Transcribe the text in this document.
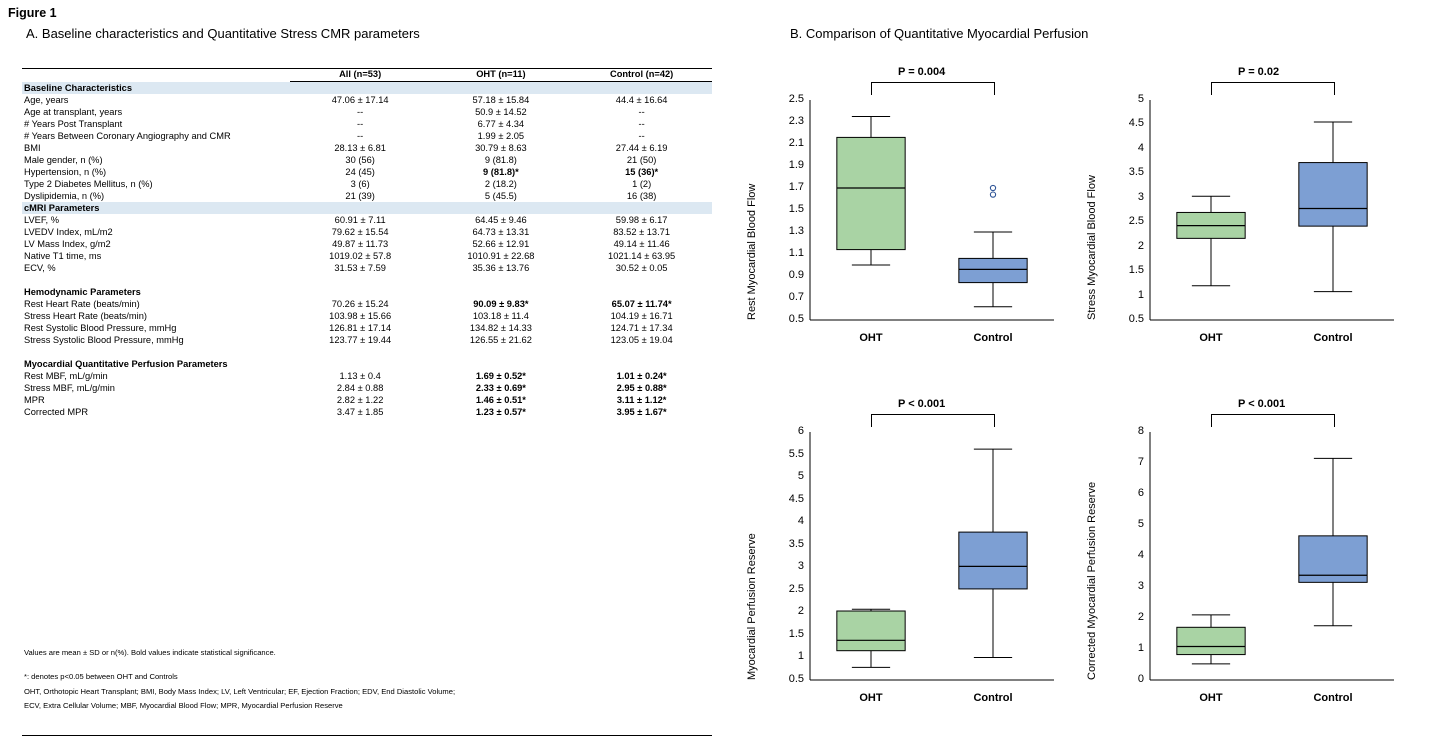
Figure 1
A. Baseline characteristics and Quantitative Stress CMR parameters	B. Comparison of Quantitative Myocardial Perfusion
	All (n=53)	OHT (n=11)	Control (n=42)
Baseline Characteristics			
Age, years	47.06 ± 17.14	57.18 ± 15.84	44.4 ± 16.64
Age at transplant, years	--	50.9 ± 14.52	--
# Years Post Transplant	--	6.77 ± 4.34	--
# Years Between Coronary Angiography and CMR	--	1.99 ± 2.05	--
BMI	28.13 ± 6.81	30.79 ± 8.63	27.44 ± 6.19
Male gender, n (%)	30 (56)	9 (81.8)	21 (50)
Hypertension, n (%)	24 (45)	9 (81.8)*	15 (36)*
Type 2 Diabetes Mellitus, n (%)	3 (6)	2 (18.2)	1 (2)
Dyslipidemia, n (%)	21 (39)	5 (45.5)	16 (38)
cMRI Parameters			
LVEF, %	60.91 ± 7.11	64.45 ± 9.46	59.98 ± 6.17
LVEDV Index, mL/m2	79.62 ± 15.54	64.73 ± 13.31	83.52 ± 13.71
LV Mass Index, g/m2	49.87 ± 11.73	52.66 ± 12.91	49.14 ± 11.46
Native T1 time, ms	1019.02 ± 57.8	1010.91 ± 22.68	1021.14 ± 63.95
ECV, %	31.53 ± 7.59	35.36 ± 13.76	30.52 ± 0.05

Hemodynamic Parameters			
Rest Heart Rate (beats/min)	70.26 ± 15.24	90.09 ± 9.83*	65.07 ± 11.74*
Stress Heart Rate (beats/min)	103.98 ± 15.66	103.18 ± 11.4	104.19 ± 16.71
Rest Systolic Blood Pressure, mmHg	126.81 ± 17.14	134.82 ± 14.33	124.71 ± 17.34
Stress Systolic Blood Pressure, mmHg	123.77 ± 19.44	126.55 ± 21.62	123.05 ± 19.04

Myocardial Quantitative Perfusion Parameters			
Rest MBF, mL/g/min	1.13 ± 0.4	1.69 ± 0.52*	1.01 ± 0.24*
Stress MBF, mL/g/min	2.84 ± 0.88	2.33 ± 0.69*	2.95 ± 0.88*
MPR	2.82 ± 1.22	1.46 ± 0.51*	3.11 ± 1.12*
Corrected MPR	3.47 ± 1.85	1.23 ± 0.57*	3.95 ± 1.67*
Values are mean ± SD or n(%). Bold values indicate statistical significance.
*: denotes p<0.05 between OHT and Controls
OHT, Orthotopic Heart Transplant; BMI, Body Mass Index; LV, Left Ventricular; EF, Ejection Fraction; EDV, End Diastolic Volume;
ECV, Extra Cellular Volume; MBF, Myocardial Blood Flow; MPR, Myocardial Perfusion Reserve
Rest Myocardial Blood Flow	0.5
0.7
0.9
1.1
1.3
1.5
1.7
1.9
2.1
2.3
2.5
OHT	Control
P = 0.004
Stress Myocardial Blood Flow	0.5
1
1.5
2
2.5
3
3.5
4
4.5
5
OHT	Control
P = 0.02
Myocardial Perfusion Reserve	0.5
1
1.5
2
2.5
3
3.5
4
4.5
5
5.5
6
OHT	Control
P < 0.001
Corrected Myocardial Perfusion Reserve	0
1
2
3
4
5
6
7
8
OHT	Control
P < 0.001
